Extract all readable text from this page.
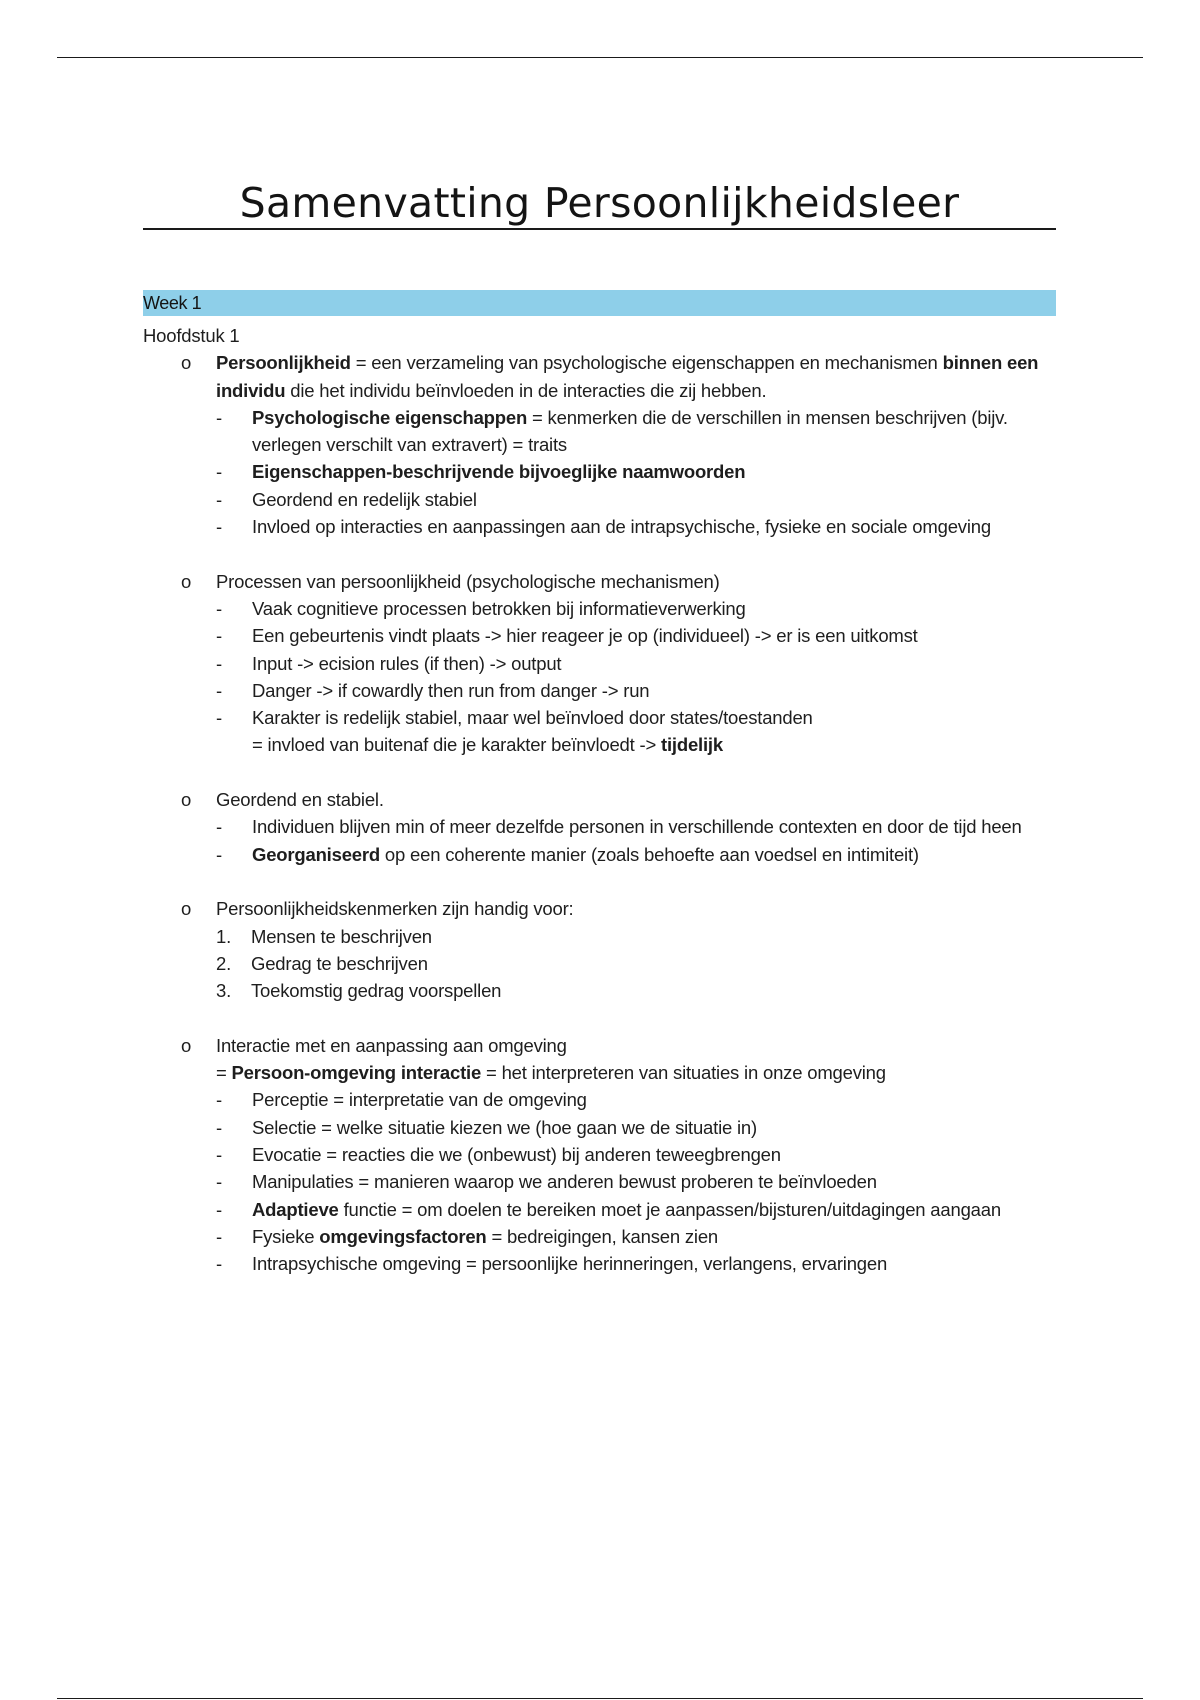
Samenvatting Persoonlijkheidsleer
Week 1

Hoofdstuk 1

o Persoonlijkheid = een verzameling van psychologische eigenschappen en mechanismen binnen een individu die het individu beïnvloeden in de interacties die zij hebben.
- Psychologische eigenschappen = kenmerken die de verschillen in mensen beschrijven (bijv. verlegen verschilt van extravert) = traits
- Eigenschappen-beschrijvende bijvoeglijke naamwoorden
- Geordend en redelijk stabiel
- Invloed op interacties en aanpassingen aan de intrapsychische, fysieke en sociale omgeving
o Processen van persoonlijkheid (psychologische mechanismen)
- Vaak cognitieve processen betrokken bij informatieverwerking
- Een gebeurtenis vindt plaats -> hier reageer je op (individueel) -> er is een uitkomst
- Input -> ecision rules (if then) -> output
- Danger -> if cowardly then run from danger -> run
- Karakter is redelijk stabiel, maar wel beïnvloed door states/toestanden
= invloed van buitenaf die je karakter beïnvloedt -> tijdelijk
o Geordend en stabiel.
- Individuen blijven min of meer dezelfde personen in verschillende contexten en door de tijd heen
- Georganiseerd op een coherente manier (zoals behoefte aan voedsel en intimiteit)
o Persoonlijkheidskenmerken zijn handig voor:
1. Mensen te beschrijven
2. Gedrag te beschrijven
3. Toekomstig gedrag voorspellen
o Interactie met en aanpassing aan omgeving
= Persoon-omgeving interactie = het interpreteren van situaties in onze omgeving
- Perceptie = interpretatie van de omgeving
- Selectie = welke situatie kiezen we (hoe gaan we de situatie in)
- Evocatie = reacties die we (onbewust) bij anderen teweegbrengen
- Manipulaties = manieren waarop we anderen bewust proberen te beïnvloeden
- Adaptieve functie = om doelen te bereiken moet je aanpassen/bijsturen/uitdagingen aangaan
- Fysieke omgevingsfactoren = bedreigingen, kansen zien
- Intrapsychische omgeving = persoonlijke herinneringen, verlangens, ervaringen
